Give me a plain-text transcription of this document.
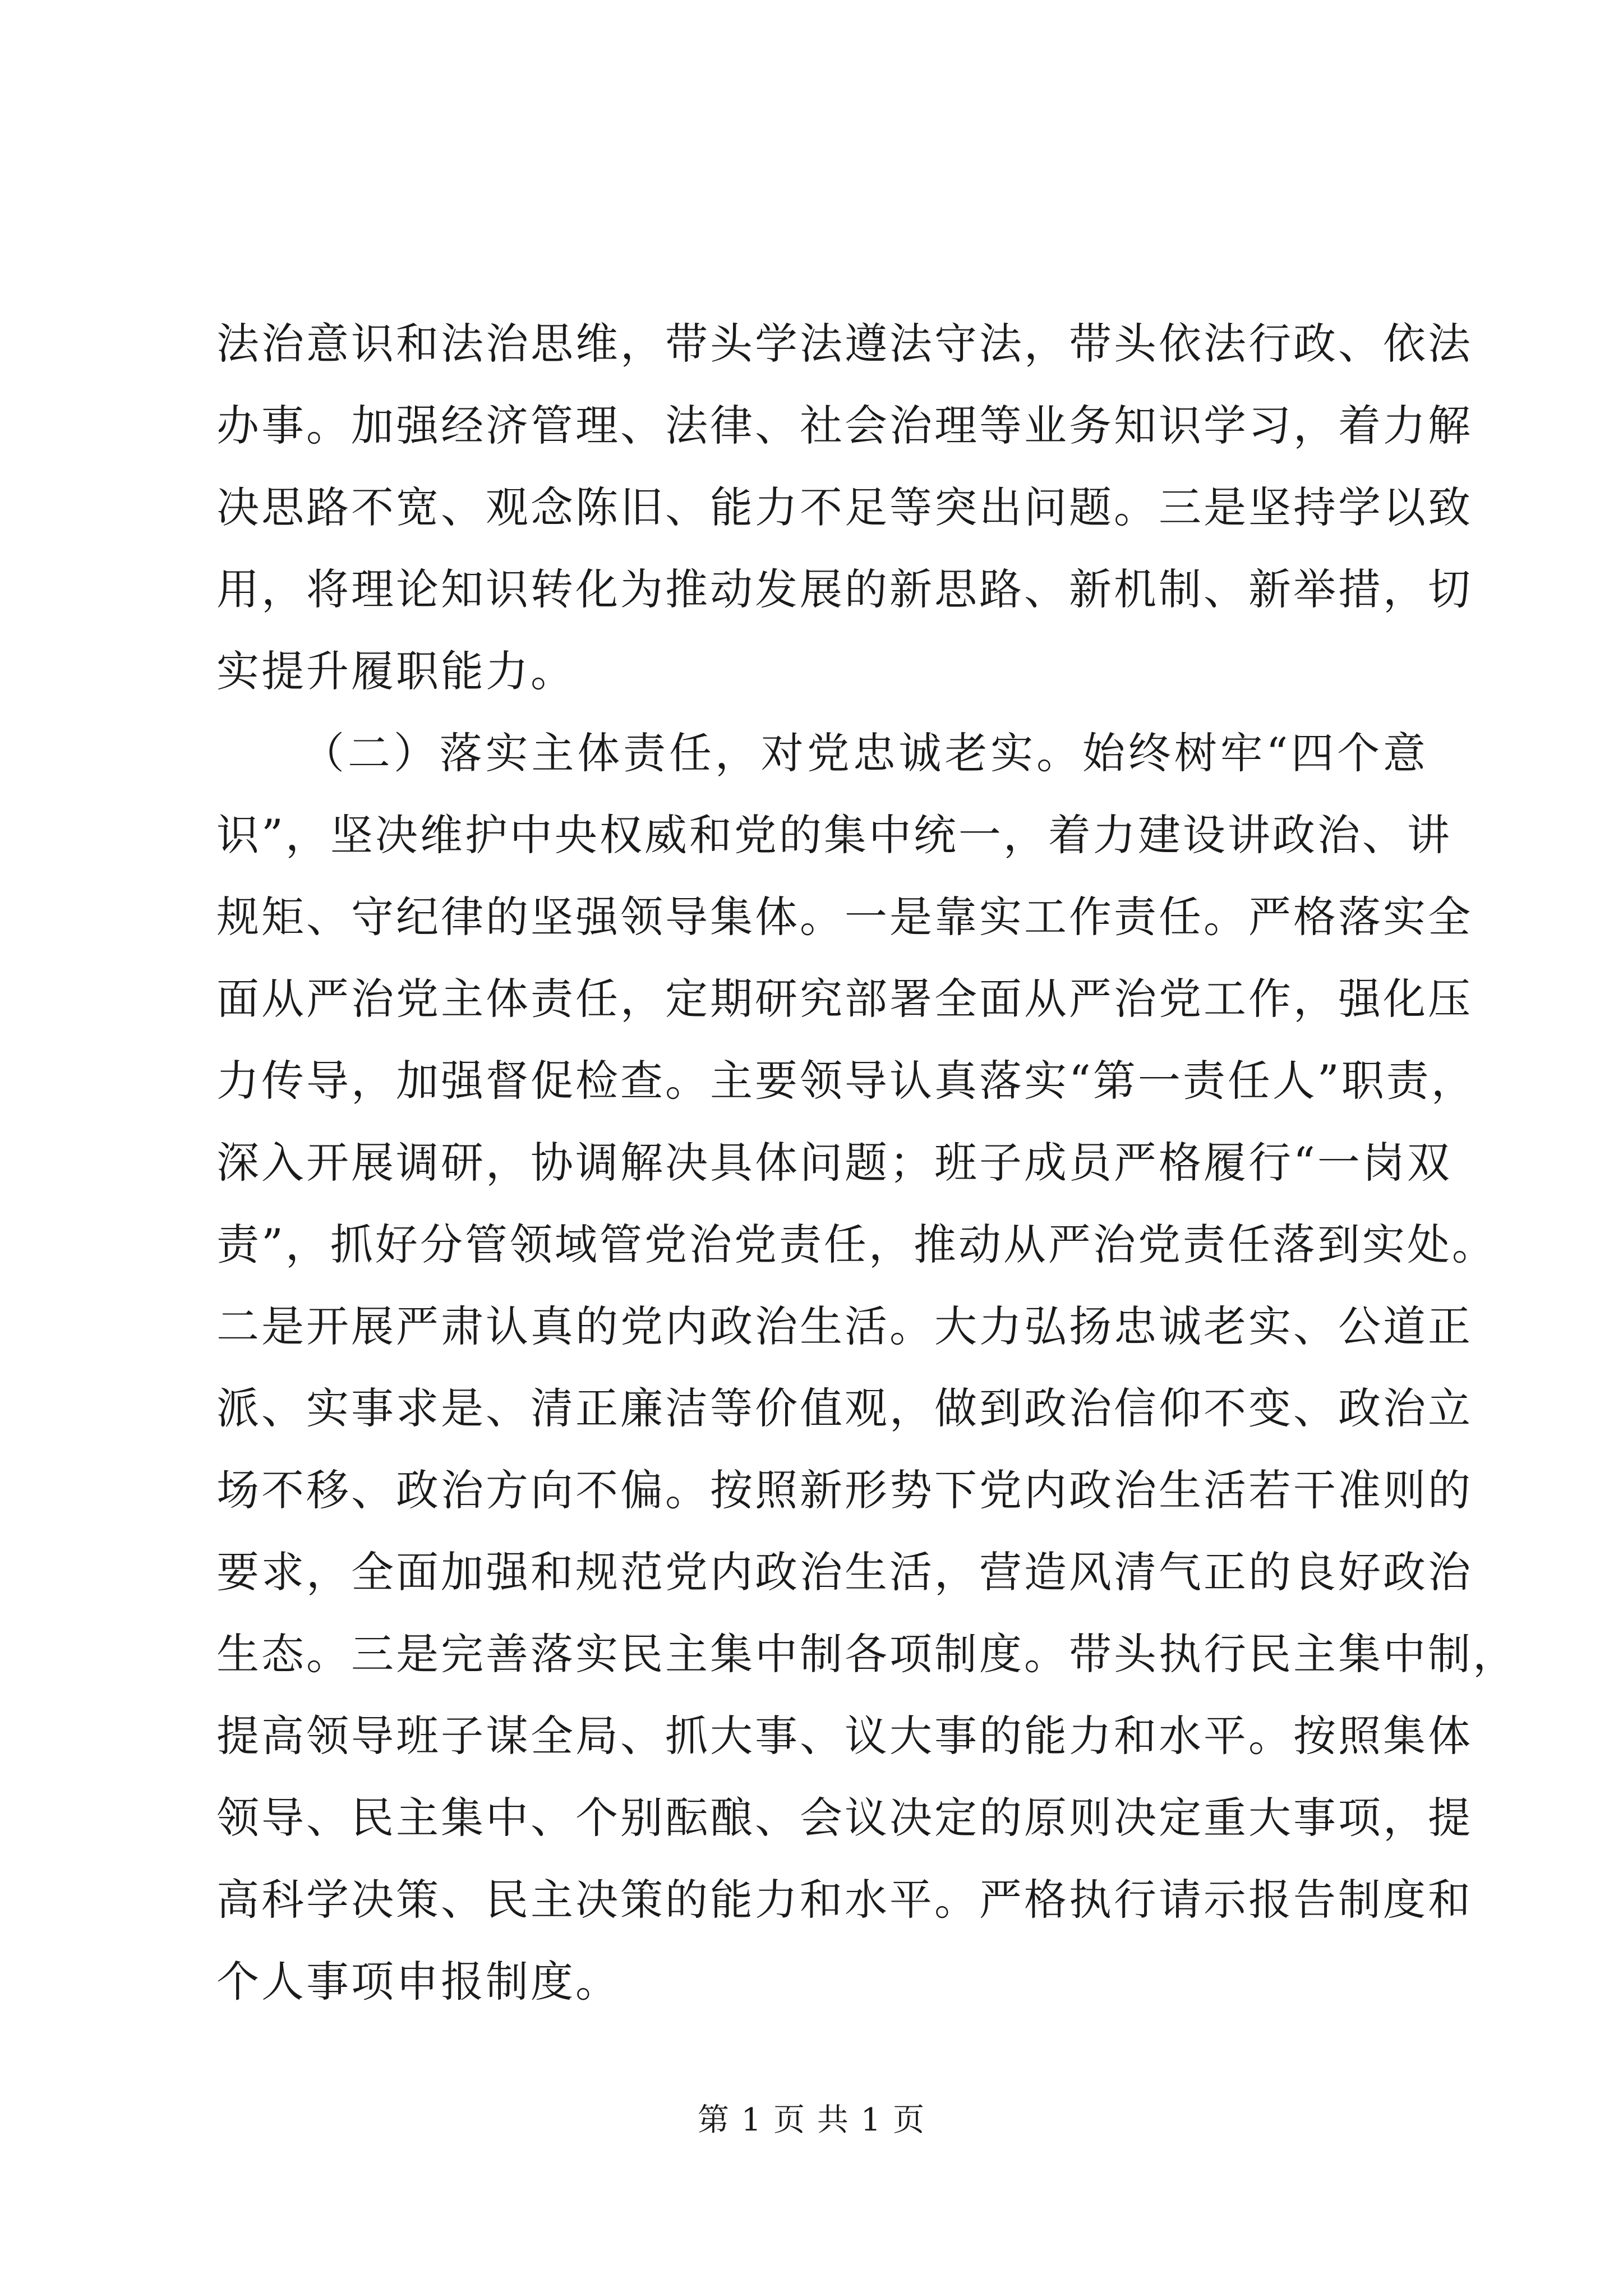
法治意识和法治思维，带头学法遵法守法，带头依法行政、依法
办事。加强经济管理、法律、社会治理等业务知识学习，着力解
决思路不宽、观念陈旧、能力不足等突出问题。三是坚持学以致
用，将理论知识转化为推动发展的新思路、新机制、新举措，切
实提升履职能力。
（二）落实主体责任，对党忠诚老实。始终树牢“四个意
识”，坚决维护中央权威和党的集中统一，着力建设讲政治、讲
规矩、守纪律的坚强领导集体。一是靠实工作责任。严格落实全
面从严治党主体责任，定期研究部署全面从严治党工作，强化压
力传导，加强督促检查。主要领导认真落实“第一责任人”职责，
深入开展调研，协调解决具体问题；班子成员严格履行“一岗双
责”，抓好分管领域管党治党责任，推动从严治党责任落到实处。
二是开展严肃认真的党内政治生活。大力弘扬忠诚老实、公道正
派、实事求是、清正廉洁等价值观，做到政治信仰不变、政治立
场不移、政治方向不偏。按照新形势下党内政治生活若干准则的
要求，全面加强和规范党内政治生活，营造风清气正的良好政治
生态。三是完善落实民主集中制各项制度。带头执行民主集中制，
提高领导班子谋全局、抓大事、议大事的能力和水平。按照集体
领导、民主集中、个别酝酿、会议决定的原则决定重大事项，提
高科学决策、民主决策的能力和水平。严格执行请示报告制度和
个人事项申报制度。
第 1 页 共 1 页
